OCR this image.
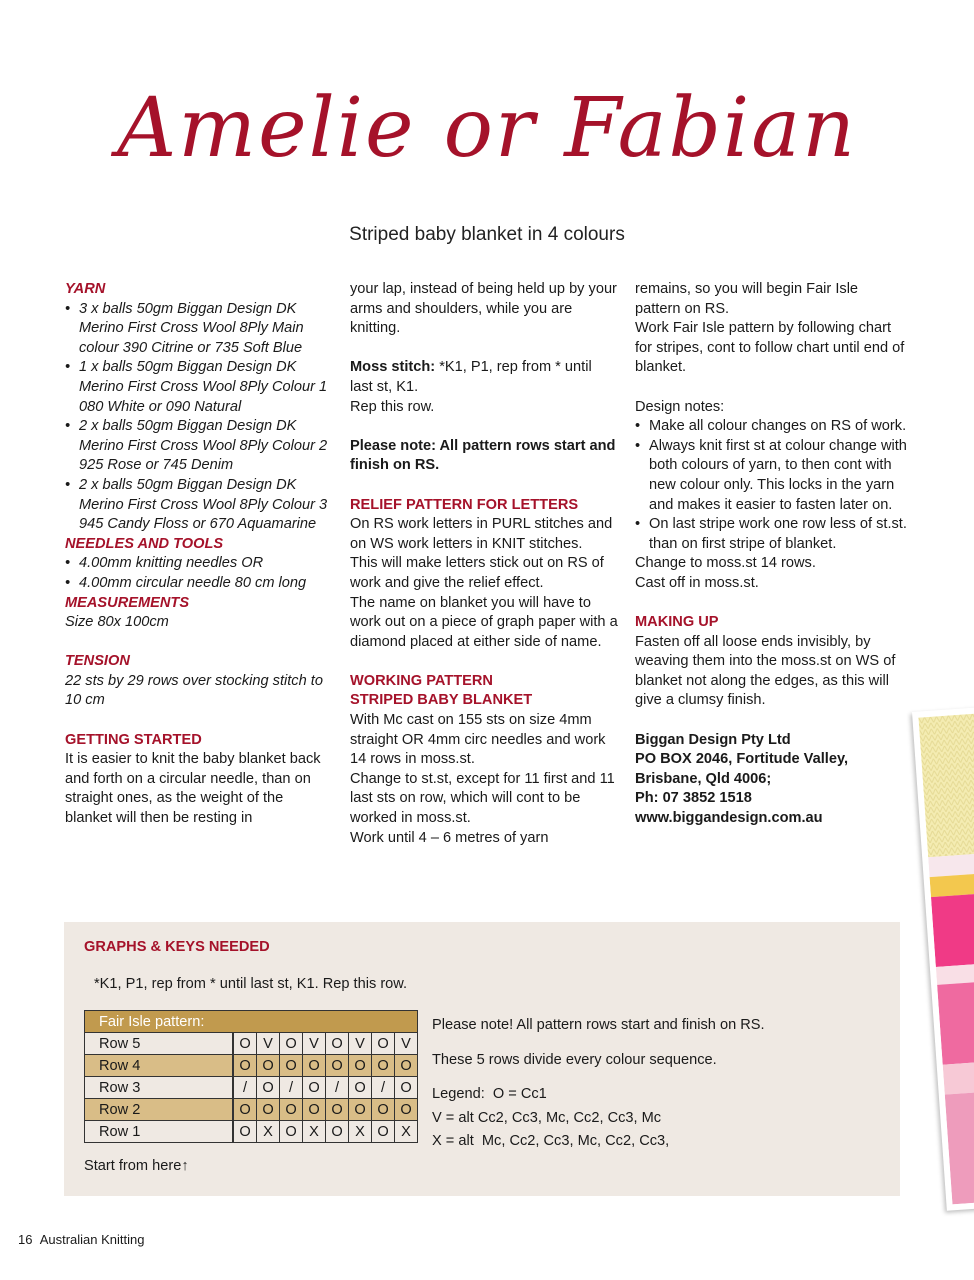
Amelie or Fabian
Striped baby blanket in 4 colours
YARN
• 3 x balls 50gm Biggan Design DK Merino First Cross Wool 8Ply Main colour 390 Citrine or 735 Soft Blue
• 1 x balls 50gm Biggan Design DK Merino First Cross Wool 8Ply Colour 1 080 White or 090 Natural
• 2 x balls 50gm Biggan Design DK Merino First Cross Wool 8Ply Colour 2 925 Rose or 745 Denim
• 2 x balls 50gm Biggan Design DK Merino First Cross Wool 8Ply Colour 3 945 Candy Floss or 670 Aquamarine
NEEDLES AND TOOLS
• 4.00mm knitting needles OR
• 4.00mm circular needle 80 cm long
MEASUREMENTS
Size 80x 100cm
TENSION
22 sts by 29 rows over stocking stitch to 10 cm
GETTING STARTED
It is easier to knit the baby blanket back and forth on a circular needle, than on straight ones, as the weight of the blanket will then be resting in
your lap, instead of being held up by your arms and shoulders, while you are knitting.
Moss stitch: *K1, P1, rep from * until last st, K1.
Rep this row.
Please note: All pattern rows start and finish on RS.
RELIEF PATTERN FOR LETTERS
On RS work letters in PURL stitches and on WS work letters in KNIT stitches.
This will make letters stick out on RS of work and give the relief effect.
The name on blanket you will have to work out on a piece of graph paper with a diamond placed at either side of name.
WORKING PATTERN
STRIPED BABY BLANKET
With Mc cast on 155 sts on size 4mm straight OR 4mm circ needles and work 14 rows in moss.st.
Change to st.st, except for 11 first and 11 last sts on row, which will cont to be worked in moss.st.
Work until 4 – 6 metres of yarn
remains, so you will begin Fair Isle pattern on RS.
Work Fair Isle pattern by following chart for stripes, cont to follow chart until end of blanket.
Design notes:
• Make all colour changes on RS of work.
• Always knit first st at colour change with both colours of yarn, to then cont with new colour only. This locks in the yarn and makes it easier to fasten later on.
• On last stripe work one row less of st.st. than on first stripe of blanket.
Change to moss.st 14 rows.
Cast off in moss.st.
MAKING UP
Fasten off all loose ends invisibly, by weaving them into the moss.st on WS of blanket not along the edges, as this will give a clumsy finish.
Biggan Design Pty Ltd
PO BOX 2046, Fortitude Valley,
Brisbane, Qld 4006;
Ph: 07 3852 1518
www.biggandesign.com.au
GRAPHS & KEYS NEEDED
*K1, P1, rep from * until last st, K1. Rep this row.
Fair Isle pattern:								
Row 5		O	V	O	V	O	V	O	V
Row 4		O	O	O	O	O	O	O	O
Row 3		/	O	/	O	/	O	/	O
Row 2		O	O	O	O	O	O	O	O
Row 1		O	X	O	X	O	X	O	X
Start from here↑
Please note! All pattern rows start and finish on RS.
These 5 rows divide every colour sequence.
Legend:  O = Cc1
V = alt Cc2, Cc3, Mc, Cc2, Cc3, Mc
X = alt  Mc, Cc2, Cc3, Mc, Cc2, Cc3,
16 Australian Knitting
